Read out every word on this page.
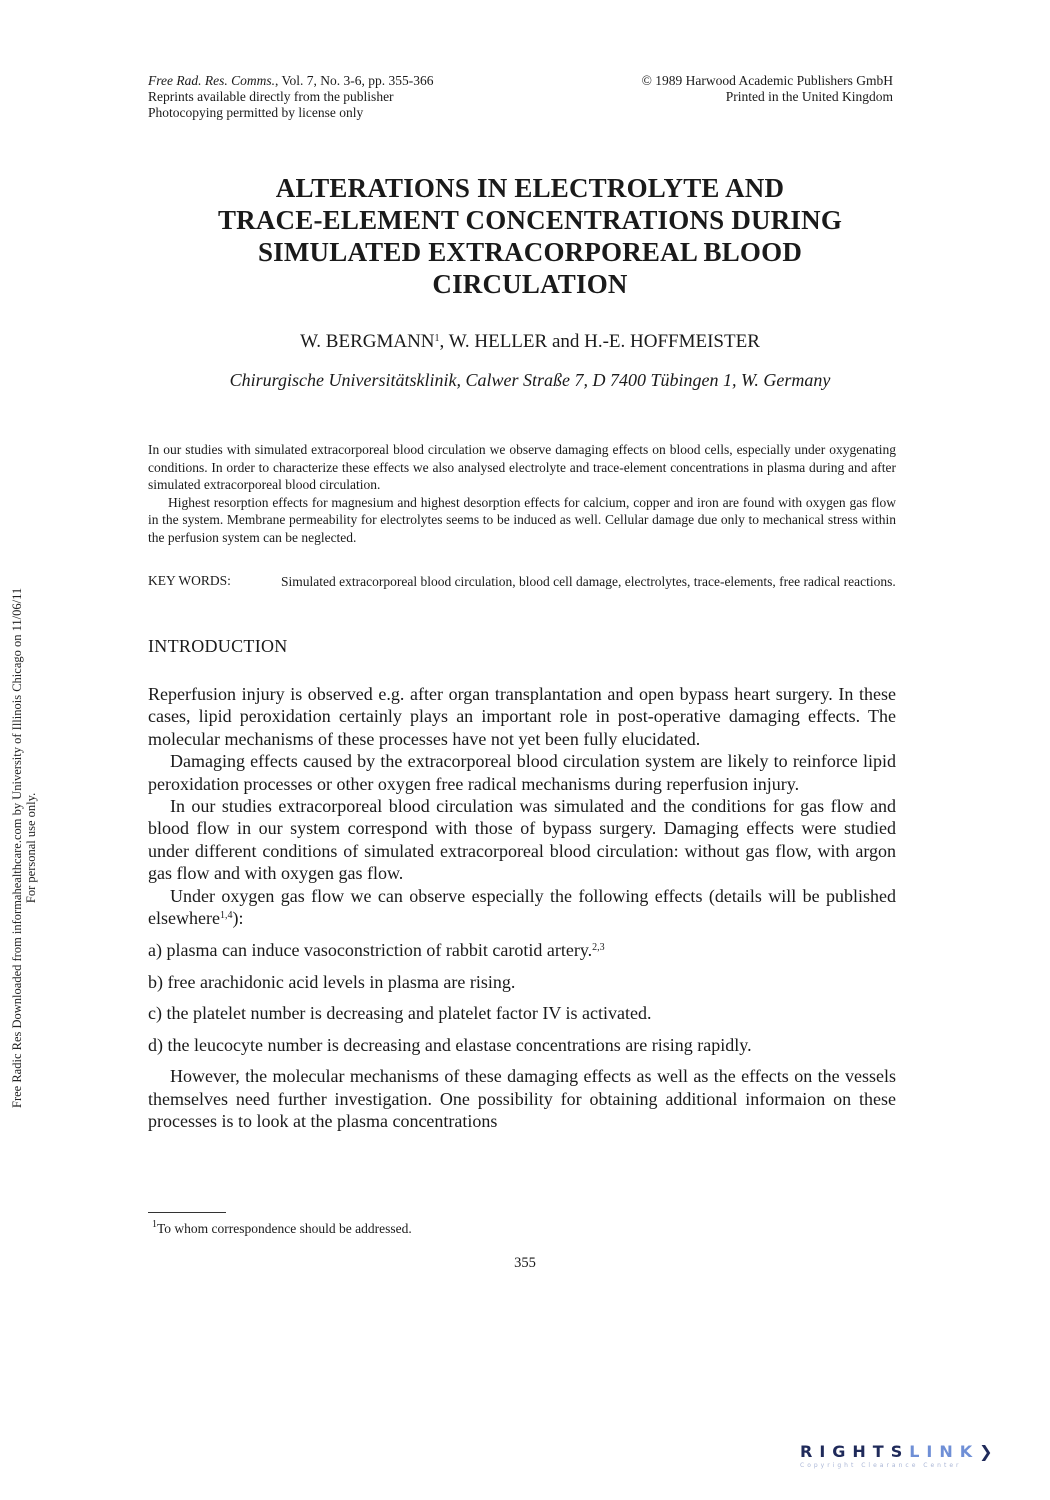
Free Rad. Res. Comms., Vol. 7, No. 3-6, pp. 355-366
Reprints available directly from the publisher
Photocopying permitted by license only
© 1989 Harwood Academic Publishers GmbH
Printed in the United Kingdom
ALTERATIONS IN ELECTROLYTE AND
TRACE-ELEMENT CONCENTRATIONS DURING
SIMULATED EXTRACORPOREAL BLOOD
CIRCULATION
W. BERGMANN$^1$, W. HELLER and H.-E. HOFFMEISTER
Chirurgische Universitätsklinik, Calwer Straße 7, D 7400 Tübingen 1, W. Germany

In our studies with simulated extracorporeal blood circulation we observe damaging effects on blood cells, especially under oxygenating conditions. In order to characterize these effects we also analysed electrolyte and trace-element concentrations in plasma during and after simulated extracorporeal blood circulation.

Highest resorption effects for magnesium and highest desorption effects for calcium, copper and iron are found with oxygen gas flow in the system. Membrane permeability for electrolytes seems to be induced as well. Cellular damage due only to mechanical stress within the perfusion system can be neglected.

KEY WORDS:	Simulated extracorporeal blood circulation, blood cell damage, electrolytes, trace-elements, free radical reactions.
INTRODUCTION

Reperfusion injury is observed e.g. after organ transplantation and open bypass heart surgery. In these cases, lipid peroxidation certainly plays an important role in post-operative damaging effects. The molecular mechanisms of these processes have not yet been fully elucidated.

Damaging effects caused by the extracorporeal blood circulation system are likely to reinforce lipid peroxidation processes or other oxygen free radical mechanisms during reperfusion injury.

In our studies extracorporeal blood circulation was simulated and the conditions for gas flow and blood flow in our system correspond with those of bypass surgery. Damaging effects were studied under different conditions of simulated extracorporeal blood circulation: without gas flow, with argon gas flow and with oxygen gas flow.

Under oxygen gas flow we can observe especially the following effects (details will be published elsewhere$^{1,4}$):

a) plasma can induce vasoconstriction of rabbit carotid artery.$^{2,3}$
b) free arachidonic acid levels in plasma are rising.
c) the platelet number is decreasing and platelet factor IV is activated.
d) the leucocyte number is decreasing and elastase concentrations are rising rapidly.

However, the molecular mechanisms of these damaging effects as well as the effects on the vessels themselves need further investigation. One possibility for obtaining additional informaion on these processes is to look at the plasma concentrations

$^1$To whom correspondence should be addressed.
355
Free Radic Res Downloaded from informahealthcare.com by University of Illinois Chicago on 11/06/11 For personal use only.
RIGHTSLINK❯
Copyright Clearance Center
